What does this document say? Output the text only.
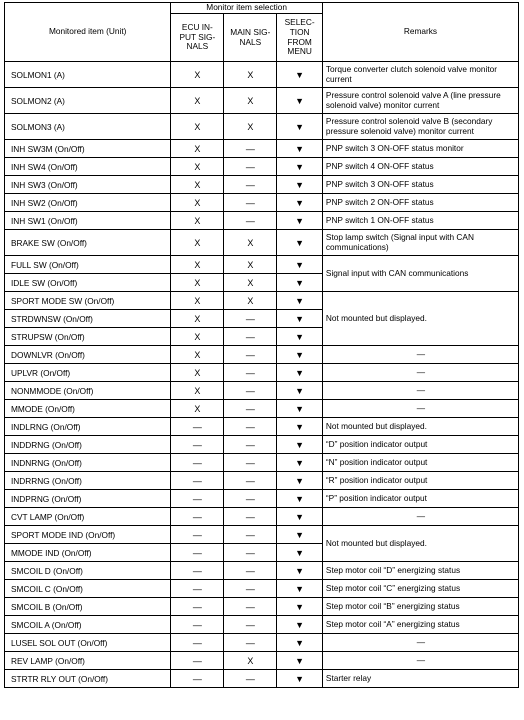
Monitored item (Unit)	Monitor item selection			Remarks
	ECU IN-
PUT SIG-
NALS	MAIN SIG-
NALS	SELEC-
TION
FROM
MENU	
SOLMON1 (A)	X	X	▼	Torque converter clutch solenoid valve monitor current
SOLMON2 (A)	X	X	▼	Pressure control solenoid valve A (line pressure solenoid valve) monitor current
SOLMON3 (A)	X	X	▼	Pressure control solenoid valve B (secondary pressure solenoid valve) monitor current
INH SW3M (On/Off)	X	—	▼	PNP switch 3 ON-OFF status monitor
INH SW4 (On/Off)	X	—	▼	PNP switch 4 ON-OFF status
INH SW3 (On/Off)	X	—	▼	PNP switch 3 ON-OFF status
INH SW2 (On/Off)	X	—	▼	PNP switch 2 ON-OFF status
INH SW1 (On/Off)	X	—	▼	PNP switch 1 ON-OFF status
BRAKE SW (On/Off)	X	X	▼	Stop lamp switch (Signal input with CAN communications)
FULL SW (On/Off)	X	X	▼	Signal input with CAN communications
IDLE SW (On/Off)	X	X	▼	
SPORT MODE SW (On/Off)	X	X	▼	Not mounted but displayed.
STRDWNSW (On/Off)	X	—	▼	
STRUPSW (On/Off)	X	—	▼	
DOWNLVR (On/Off)	X	—	▼	—
UPLVR (On/Off)	X	—	▼	—
NONMMODE (On/Off)	X	—	▼	—
MMODE (On/Off)	X	—	▼	—
INDLRNG (On/Off)	—	—	▼	Not mounted but displayed.
INDDRNG (On/Off)	—	—	▼	“D” position indicator output
INDNRNG (On/Off)	—	—	▼	“N” position indicator output
INDRRNG (On/Off)	—	—	▼	“R” position indicator output
INDPRNG (On/Off)	—	—	▼	“P” position indicator output
CVT LAMP (On/Off)	—	—	▼	—
SPORT MODE IND (On/Off)	—	—	▼	Not mounted but displayed.
MMODE IND (On/Off)	—	—	▼	
SMCOIL D (On/Off)	—	—	▼	Step motor coil “D” energizing status
SMCOIL C (On/Off)	—	—	▼	Step motor coil “C” energizing status
SMCOIL B (On/Off)	—	—	▼	Step motor coil “B” energizing status
SMCOIL A (On/Off)	—	—	▼	Step motor coil “A” energizing status
LUSEL SOL OUT (On/Off)	—	—	▼	—
REV LAMP (On/Off)	—	X	▼	—
STRTR RLY OUT (On/Off)	—	—	▼	Starter relay
